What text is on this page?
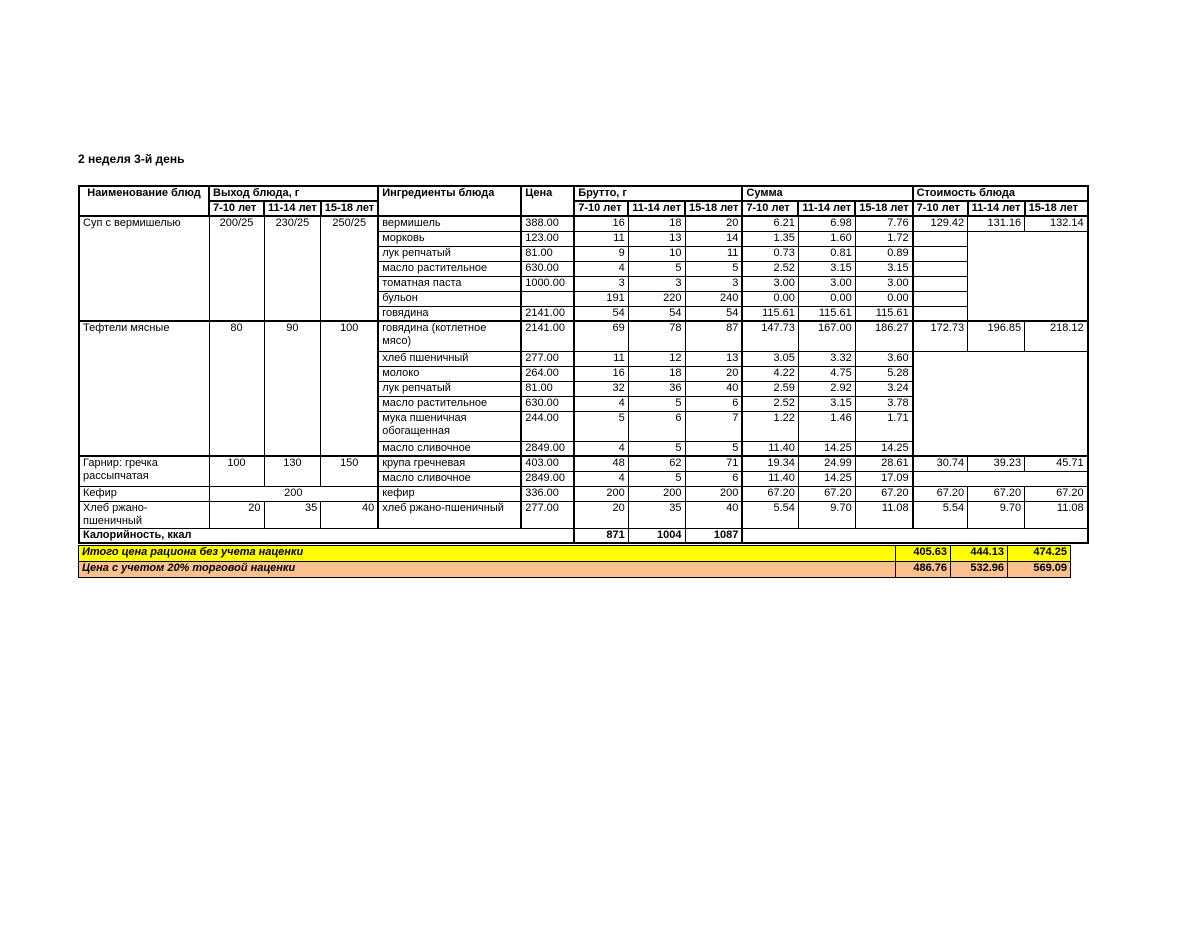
2 неделя 3-й день
Наименование блюд	Выход блюда, г			Ингредиенты блюда	Цена	Брутто, г			Сумма			Стоимость блюда		
	7-10 лет	11-14 лет	15-18 лет			7-10 лет	11-14 лет	15-18 лет	7-10 лет	11-14 лет	15-18 лет	7-10 лет	11-14 лет	15-18 лет
Суп с вермишелью	200/25	230/25	250/25	вермишель	388.00	16	18	20	6.21	6.98	7.76	129.42	131.16	132.14
				морковь	123.00	11	13	14	1.35	1.60	1.72			
				лук репчатый	81.00	9	10	11	0.73	0.81	0.89			
				масло растительное	630.00	4	5	5	2.52	3.15	3.15			
				томатная паста	1000.00	3	3	3	3.00	3.00	3.00			
				бульон		191	220	240	0.00	0.00	0.00			
				говядина	2141.00	54	54	54	115.61	115.61	115.61			
Тефтели мясные	80	90	100	говядина (котлетное мясо)	2141.00	69	78	87	147.73	167.00	186.27	172.73	196.85	218.12
				хлеб пшеничный	277.00	11	12	13	3.05	3.32	3.60			
				молоко	264.00	16	18	20	4.22	4.75	5.28			
				лук репчатый	81.00	32	36	40	2.59	2.92	3.24			
				масло растительное	630.00	4	5	6	2.52	3.15	3.78			
				мука пшеничная обогащенная	244.00	5	6	7	1.22	1.46	1.71			
				масло сливочное	2849.00	4	5	5	11.40	14.25	14.25			
Гарнир: гречка рассыпчатая	100	130	150	крупа гречневая	403.00	48	62	71	19.34	24.99	28.61	30.74	39.23	45.71
				масло сливочное	2849.00	4	5	6	11.40	14.25	17.09			
Кефир	200			кефир	336.00	200	200	200	67.20	67.20	67.20	67.20	67.20	67.20
Хлеб ржано-пшеничный	20	35	40	хлеб ржано-пшеничный	277.00	20	35	40	5.54	9.70	11.08	5.54	9.70	11.08
Калорийность, ккал						871	1004	1087						
Итого цена рациона без учета наценки	405.63	444.13	474.25
Цена с учетом 20% торговой наценки	486.76	532.96	569.09
